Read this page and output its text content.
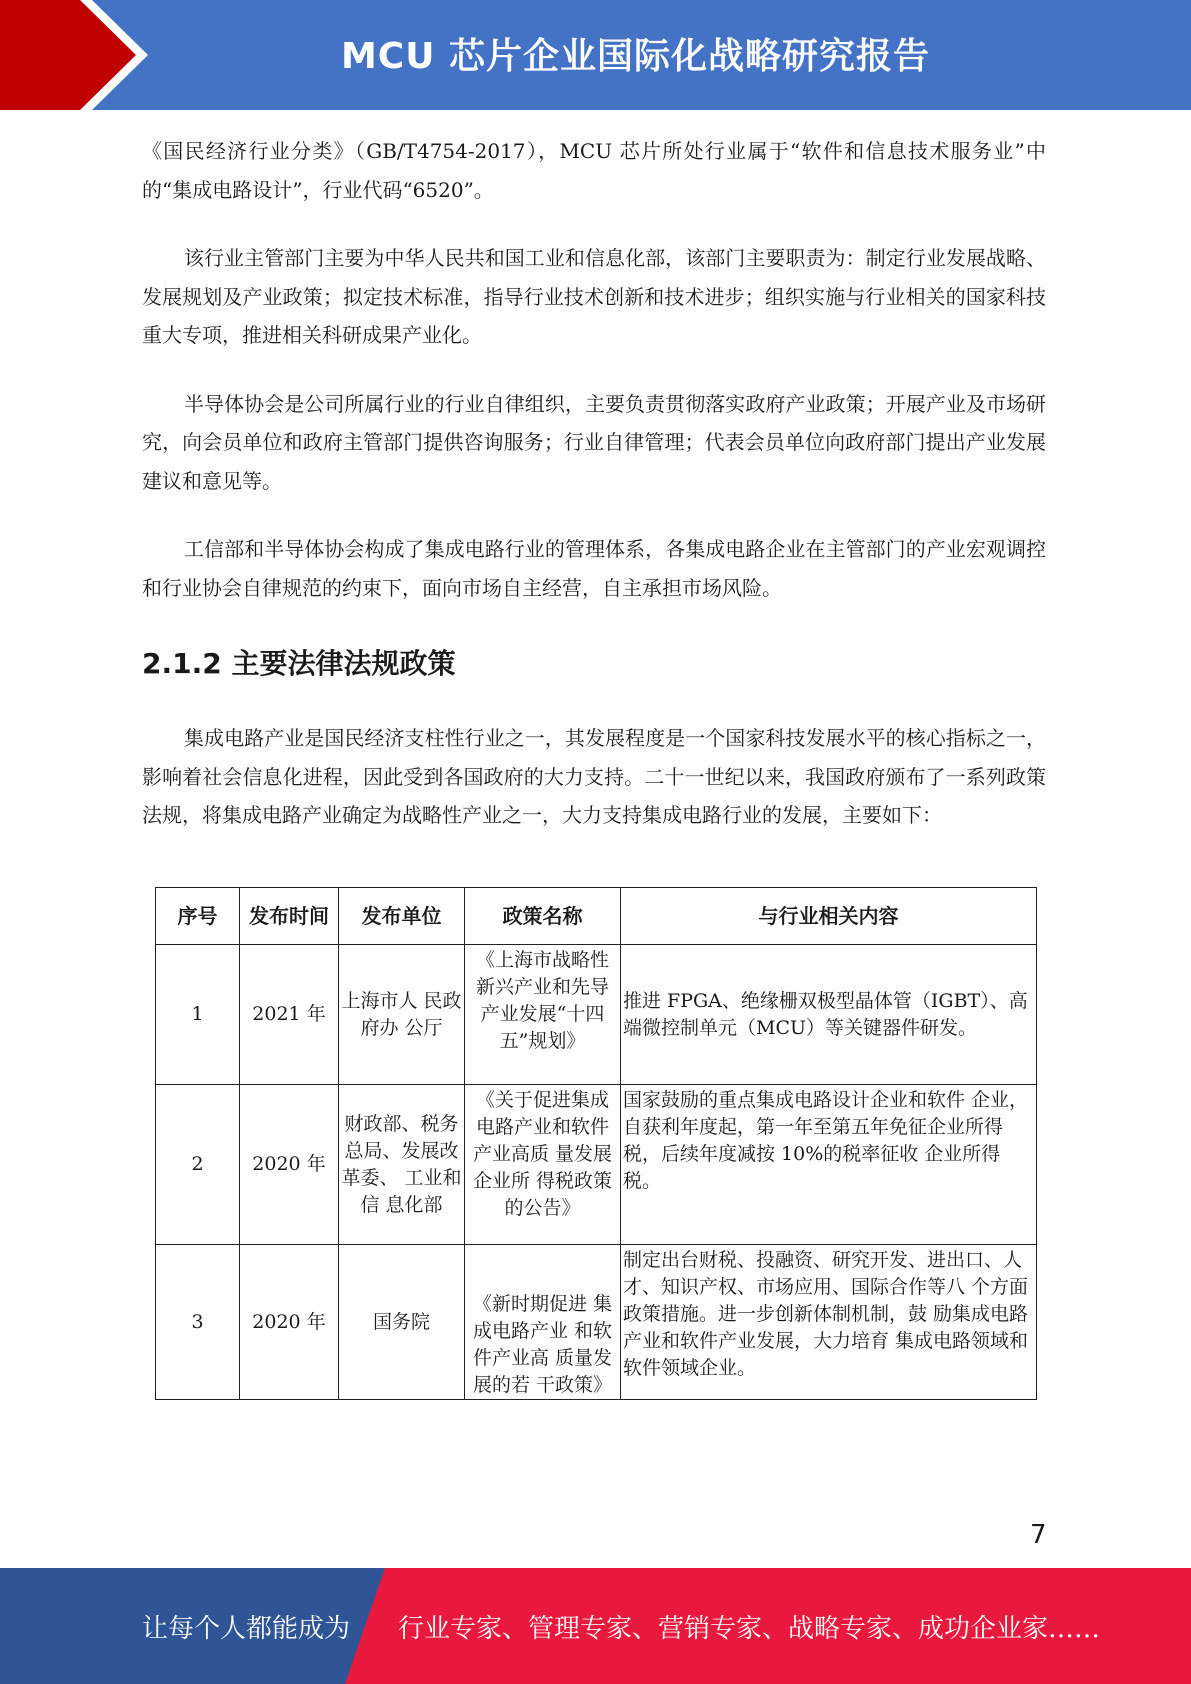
MCU 芯片企业国际化战略研究报告

《国民经济行业分类》（GB/T4754-2017），MCU 芯片所处行业属于“软件和信息技术服务业”中的“集成电路设计”，行业代码“6520”。

该行业主管部门主要为中华人民共和国工业和信息化部，该部门主要职责为：制定行业发展战略、发展规划及产业政策；拟定技术标准，指导行业技术创新和技术进步；组织实施与行业相关的国家科技重大专项，推进相关科研成果产业化。

半导体协会是公司所属行业的行业自律组织，主要负责贯彻落实政府产业政策；开展产业及市场研究，向会员单位和政府主管部门提供咨询服务；行业自律管理；代表会员单位向政府部门提出产业发展建议和意见等。

工信部和半导体协会构成了集成电路行业的管理体系，各集成电路企业在主管部门的产业宏观调控和行业协会自律规范的约束下，面向市场自主经营，自主承担市场风险。

2.1.2 主要法律法规政策

集成电路产业是国民经济支柱性行业之一，其发展程度是一个国家科技发展水平的核心指标之一，影响着社会信息化进程，因此受到各国政府的大力支持。二十一世纪以来，我国政府颁布了一系列政策法规，将集成电路产业确定为战略性产业之一，大力支持集成电路行业的发展，主要如下：

序号	发布时间	发布单位	政策名称	与行业相关内容
1	2021 年	上海市人 民政府办 公厅	《上海市战略性新兴产业和先导产业发展“十四五”规划》	推进 FPGA、绝缘栅双极型晶体管（IGBT）、高端微控制单元（MCU）等关键器件研发。
2	2020 年	财政部、税务总局、发展改革委、 工业和信 息化部	《关于促进集成电路产业和软件产业高质 量发展企业所 得税政策的公告》	国家鼓励的重点集成电路设计企业和软件 企业，自获利年度起，第一年至第五年免征企业所得税，后续年度减按 10%的税率征收 企业所得税。
3	2020 年	国务院	《新时期促进 集成电路产业 和软件产业高 质量发展的若 干政策》	制定出台财税、投融资、研究开发、进出口、人才、知识产权、市场应用、国际合作等八 个方面政策措施。进一步创新体制机制，鼓 励集成电路产业和软件产业发展，大力培育 集成电路领域和软件领域企业。
7
让每个人都能成为 行业专家、管理专家、营销专家、战略专家、成功企业家……
